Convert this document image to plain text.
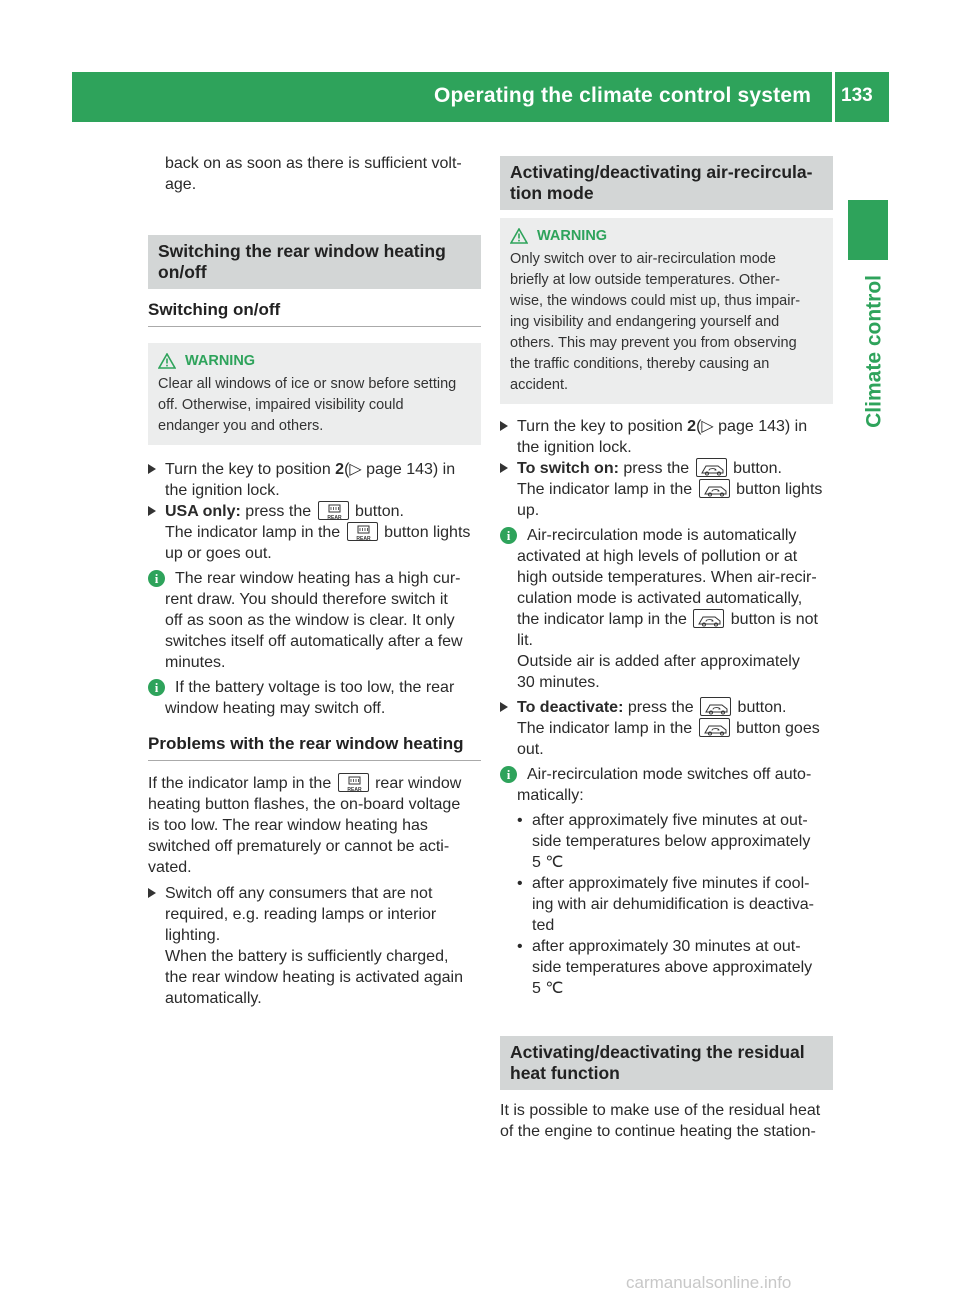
Operating the climate control system	133
Climate control
back on as soon as there is sufficient volt-
age.
Switching the rear window heating
on/off
Switching on/off
WARNING
Clear all windows of ice or snow before setting
off. Otherwise, impaired visibility could
endanger you and others.
Turn the key to position 2(▷ page 143) in
the ignition lock.
USA only: press the REAR button.
The indicator lamp in the REAR button lights
up or goes out.
i	The rear window heating has a high cur-
rent draw. You should therefore switch it
off as soon as the window is clear. It only
switches itself off automatically after a few
minutes.
i	If the battery voltage is too low, the rear
window heating may switch off.
Problems with the rear window heating
If the indicator lamp in the REAR rear window
heating button flashes, the on-board voltage
is too low. The rear window heating has
switched off prematurely or cannot be acti-
vated.
Switch off any consumers that are not
required, e.g. reading lamps or interior
lighting.
When the battery is sufficiently charged,
the rear window heating is activated again
automatically.
Activating/deactivating air-recircula-
tion mode
WARNING
Only switch over to air-recirculation mode
briefly at low outside temperatures. Other-
wise, the windows could mist up, thus impair-
ing visibility and endangering yourself and
others. This may prevent you from observing
the traffic conditions, thereby causing an
accident.
Turn the key to position 2(▷ page 143) in
the ignition lock.
To switch on: press the
button.
The indicator lamp in the
button lights
up.
i	Air-recirculation mode is automatically
activated at high levels of pollution or at
high outside temperatures. When air-recir-
culation mode is activated automatically,
the indicator lamp in the
button is not
lit.
Outside air is added after approximately
30 minutes.
To deactivate: press the
button.
The indicator lamp in the
button goes
out.
i	Air-recirculation mode switches off auto-
matically:
• after approximately five minutes at out-
side temperatures below approximately
5 ℃
• after approximately five minutes if cool-
ing with air dehumidification is deactiva-
ted
• after approximately 30 minutes at out-
side temperatures above approximately
5 ℃
Activating/deactivating the residual
heat function
It is possible to make use of the residual heat
of the engine to continue heating the station-
carmanualsonline.info
